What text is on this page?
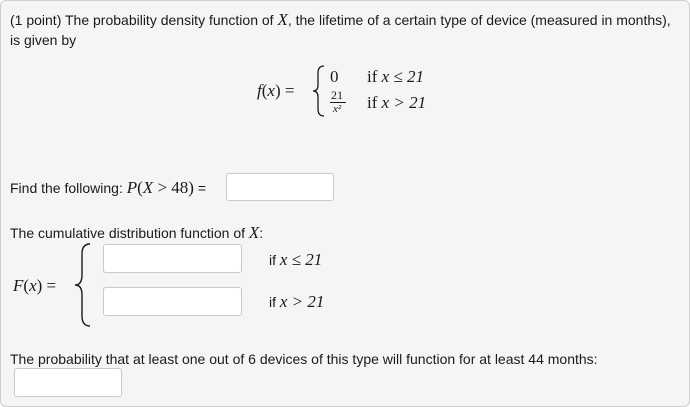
(1 point) The probability density function of X, the lifetime of a certain type of device (measured in months),
is given by
f(x) =
0 if x ≤ 21
21
x² if x > 21
Find the following: P(X > 48) =
The cumulative distribution function of X:
F(x) =
if x ≤ 21
if x > 21
The probability that at least one out of 6 devices of this type will function for at least 44 months:
